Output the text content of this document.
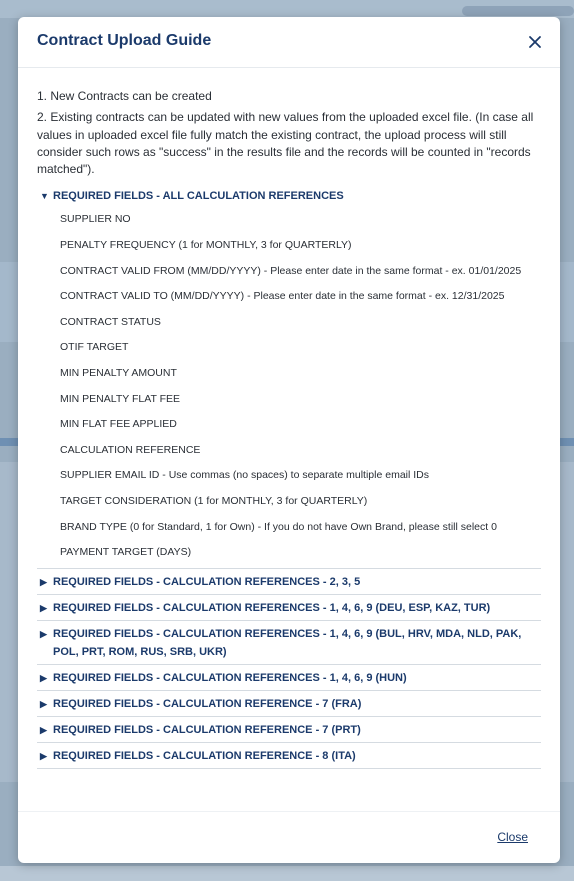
Contract Upload Guide

1. New Contracts can be created

2. Existing contracts can be updated with new values from the uploaded excel file. (In case all values in uploaded excel file fully match the existing contract, the upload process will still consider such rows as "success" in the results file and the records will be counted in "records matched").

▼ REQUIRED FIELDS - ALL CALCULATION REFERENCES
SUPPLIER NO
PENALTY FREQUENCY (1 for MONTHLY, 3 for QUARTERLY)
CONTRACT VALID FROM (MM/DD/YYYY) - Please enter date in the same format - ex. 01/01/2025
CONTRACT VALID TO (MM/DD/YYYY) - Please enter date in the same format - ex. 12/31/2025
CONTRACT STATUS
OTIF TARGET
MIN PENALTY AMOUNT
MIN PENALTY FLAT FEE
MIN FLAT FEE APPLIED
CALCULATION REFERENCE
SUPPLIER EMAIL ID - Use commas (no spaces) to separate multiple email IDs
TARGET CONSIDERATION (1 for MONTHLY, 3 for QUARTERLY)
BRAND TYPE (0 for Standard, 1 for Own) - If you do not have Own Brand, please still select 0
PAYMENT TARGET (DAYS)
▶ REQUIRED FIELDS - CALCULATION REFERENCES - 2, 3, 5
▶ REQUIRED FIELDS - CALCULATION REFERENCES - 1, 4, 6, 9 (DEU, ESP, KAZ, TUR)
▶ REQUIRED FIELDS - CALCULATION REFERENCES - 1, 4, 6, 9 (BUL, HRV, MDA, NLD, PAK, POL, PRT, ROM, RUS, SRB, UKR)
▶ REQUIRED FIELDS - CALCULATION REFERENCES - 1, 4, 6, 9 (HUN)
▶ REQUIRED FIELDS - CALCULATION REFERENCE - 7 (FRA)
▶ REQUIRED FIELDS - CALCULATION REFERENCE - 7 (PRT)
▶ REQUIRED FIELDS - CALCULATION REFERENCE - 8 (ITA)
Close
